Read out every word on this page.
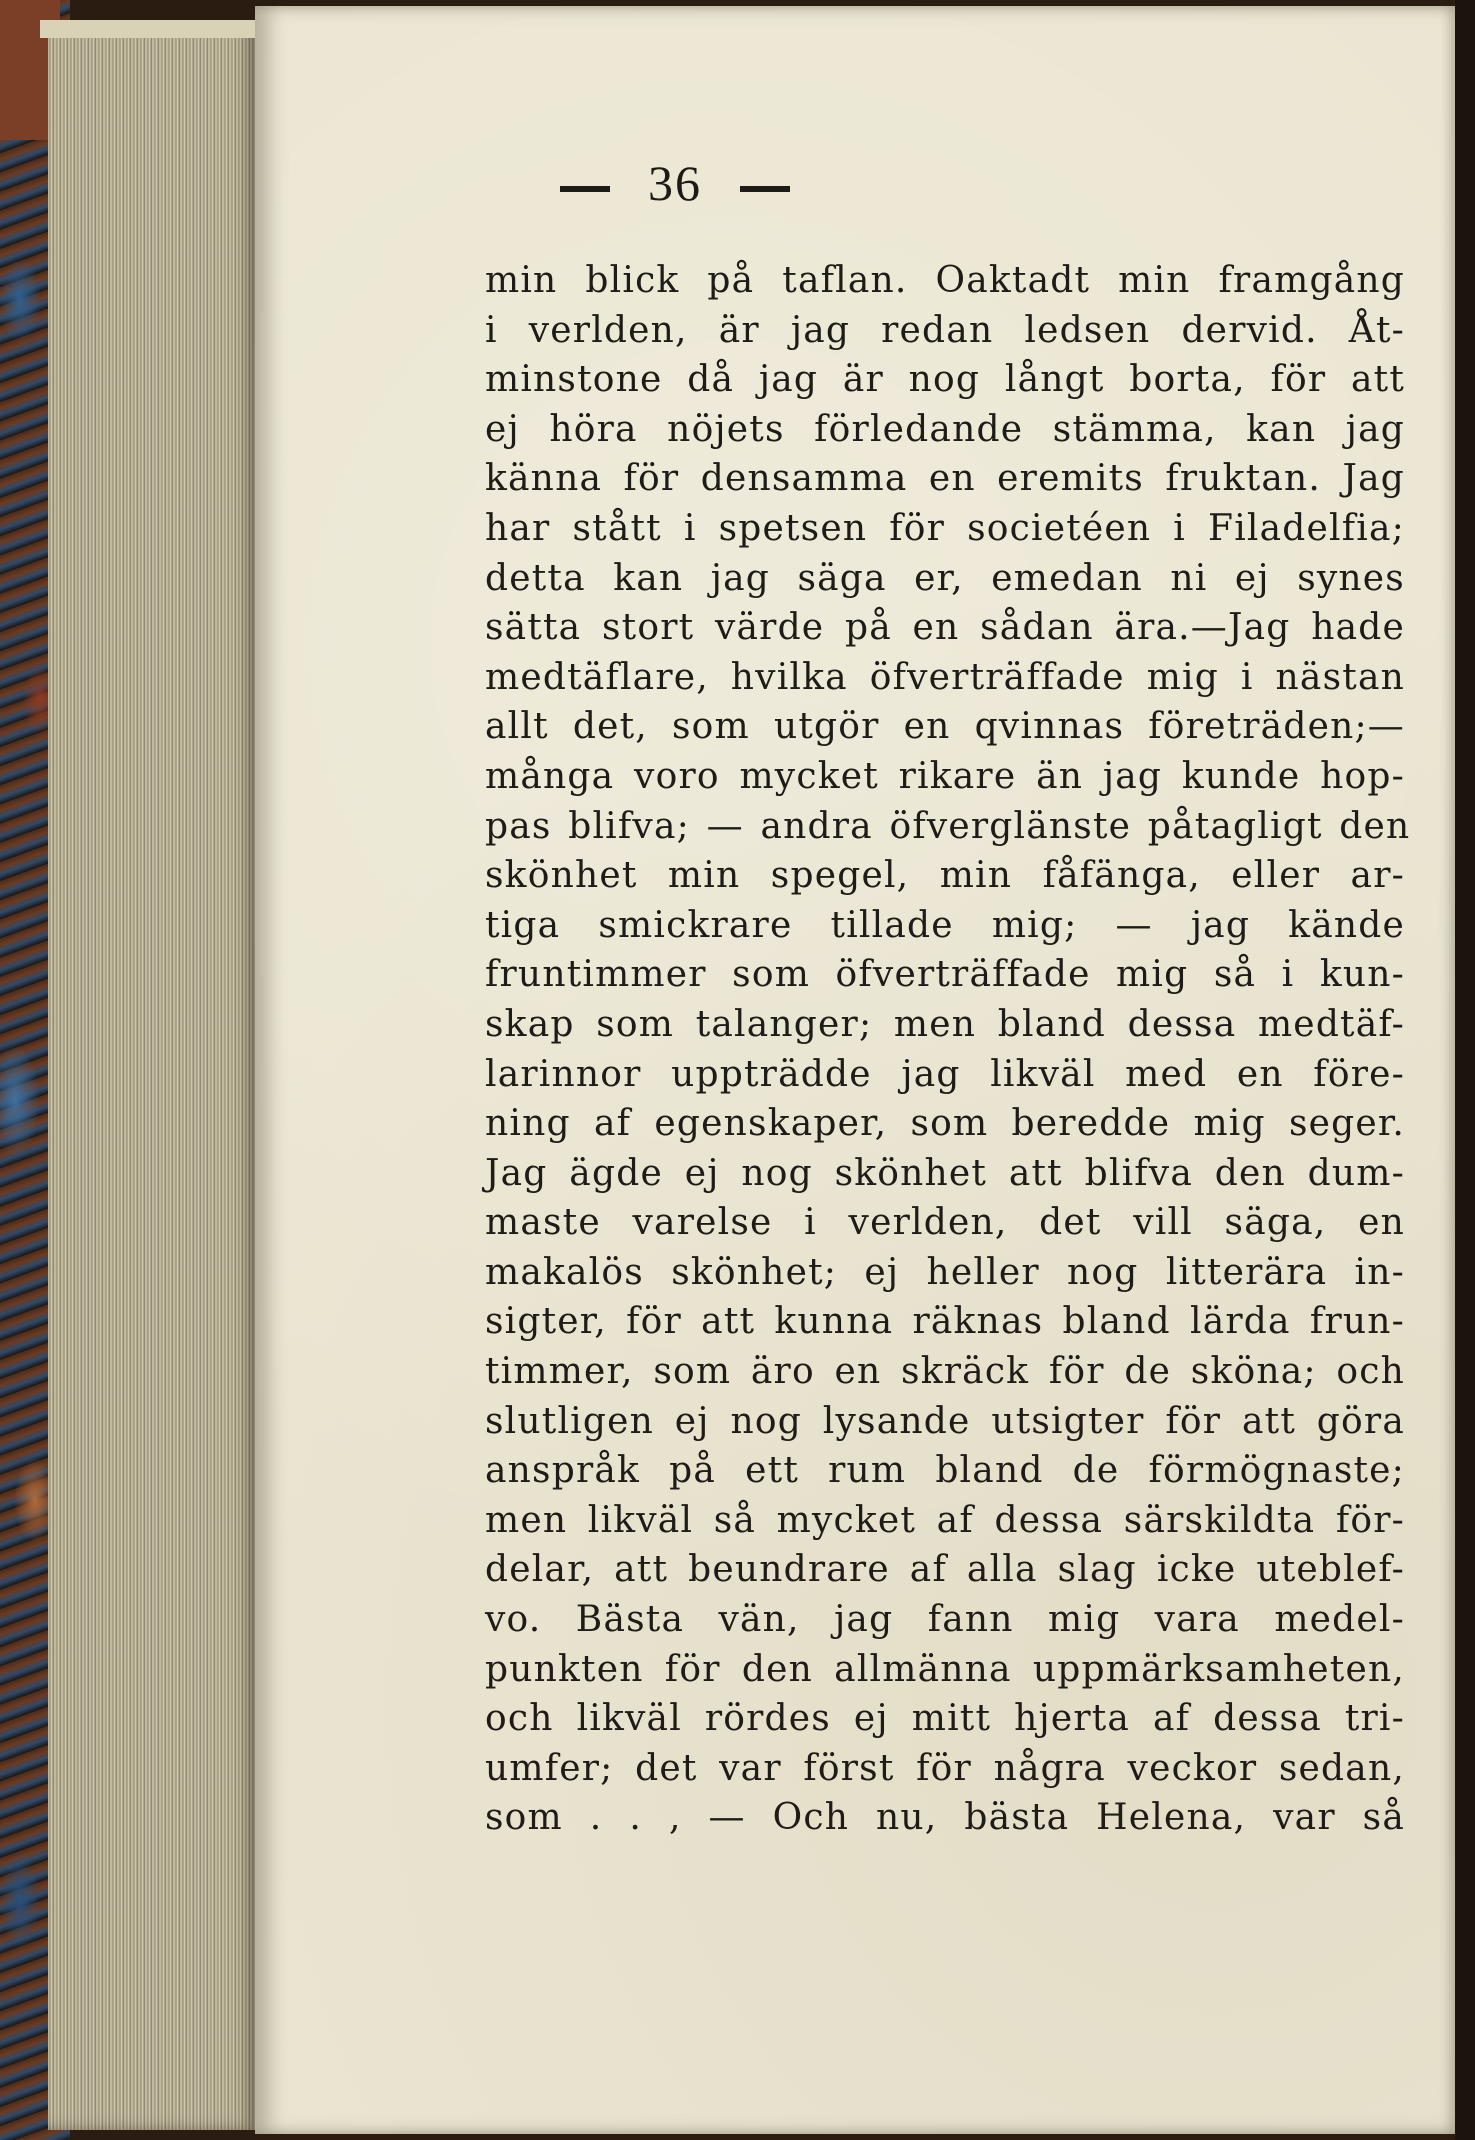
36
min blick på taflan. Oaktadt min framgång
i verlden, är jag redan ledsen dervid. Åt-
minstone då jag är nog långt borta, för att
ej höra nöjets förledande stämma, kan jag
känna för densamma en eremits fruktan. Jag
har stått i spetsen för societéen i Filadelfia;
detta kan jag säga er, emedan ni ej synes
sätta stort värde på en sådan ära.—Jag hade
medtäflare, hvilka öfverträffade mig i nästan
allt det, som utgör en qvinnas företräden;—
många voro mycket rikare än jag kunde hop-
pas blifva; — andra öfverglänste påtagligt den
skönhet min spegel, min fåfänga, eller ar-
tiga smickrare tillade mig; — jag kände
fruntimmer som öfverträffade mig så i kun-
skap som talanger; men bland dessa medtäf-
larinnor uppträdde jag likväl med en före-
ning af egenskaper, som beredde mig seger.
Jag ägde ej nog skönhet att blifva den dum-
maste varelse i verlden, det vill säga, en
makalös skönhet; ej heller nog litterära in-
sigter, för att kunna räknas bland lärda frun-
timmer, som äro en skräck för de sköna; och
slutligen ej nog lysande utsigter för att göra
anspråk på ett rum bland de förmögnaste;
men likväl så mycket af dessa särskildta för-
delar, att beundrare af alla slag icke uteblef-
vo. Bästa vän, jag fann mig vara medel-
punkten för den allmänna uppmärksamheten,
och likväl rördes ej mitt hjerta af dessa tri-
umfer; det var först för några veckor sedan,
som . . , — Och nu, bästa Helena, var så
